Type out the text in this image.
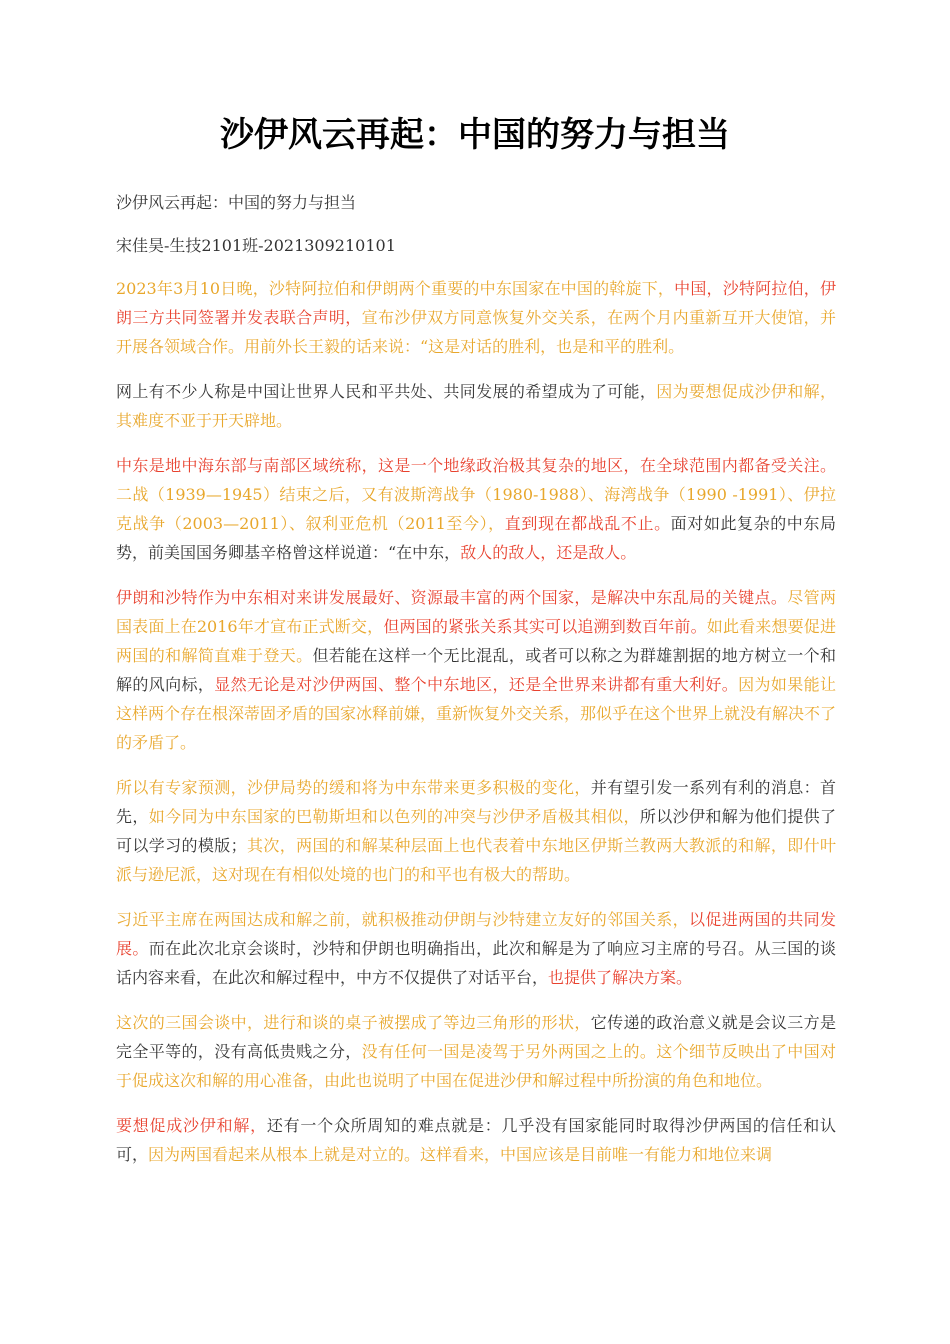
沙伊风云再起：中国的努力与担当

沙伊风云再起：中国的努力与担当

宋佳昊-生技2101班-2021309210101

2023年3月10日晚，沙特阿拉伯和伊朗两个重要的中东国家在中国的斡旋下，中国，沙特阿拉伯，伊朗三方共同签署并发表联合声明，宣布沙伊双方同意恢复外交关系，在两个月内重新互开大使馆，并开展各领域合作。用前外长王毅的话来说：“这是对话的胜利，也是和平的胜利。

网上有不少人称是中国让世界人民和平共处、共同发展的希望成为了可能，因为要想促成沙伊和解，其难度不亚于开天辟地。

中东是地中海东部与南部区域统称，这是一个地缘政治极其复杂的地区，在全球范围内都备受关注。二战（1939—1945）结束之后，又有波斯湾战争（1980-1988）、海湾战争（1990 -1991）、伊拉克战争（2003—2011）、叙利亚危机（2011至今），直到现在都战乱不止。面对如此复杂的中东局势，前美国国务卿基辛格曾这样说道：“在中东，敌人的敌人，还是敌人。

伊朗和沙特作为中东相对来讲发展最好、资源最丰富的两个国家，是解决中东乱局的关键点。尽管两国表面上在2016年才宣布正式断交，但两国的紧张关系其实可以追溯到数百年前。如此看来想要促进两国的和解简直难于登天。但若能在这样一个无比混乱，或者可以称之为群雄割据的地方树立一个和解的风向标，显然无论是对沙伊两国、整个中东地区，还是全世界来讲都有重大利好。因为如果能让这样两个存在根深蒂固矛盾的国家冰释前嫌，重新恢复外交关系，那似乎在这个世界上就没有解决不了的矛盾了。

所以有专家预测，沙伊局势的缓和将为中东带来更多积极的变化，并有望引发一系列有利的消息：首先，如今同为中东国家的巴勒斯坦和以色列的冲突与沙伊矛盾极其相似，所以沙伊和解为他们提供了可以学习的模版；其次，两国的和解某种层面上也代表着中东地区伊斯兰教两大教派的和解，即什叶派与逊尼派，这对现在有相似处境的也门的和平也有极大的帮助。

习近平主席在两国达成和解之前，就积极推动伊朗与沙特建立友好的邻国关系，以促进两国的共同发展。而在此次北京会谈时，沙特和伊朗也明确指出，此次和解是为了响应习主席的号召。从三国的谈话内容来看，在此次和解过程中，中方不仅提供了对话平台，也提供了解决方案。

这次的三国会谈中，进行和谈的桌子被摆成了等边三角形的形状，它传递的政治意义就是会议三方是完全平等的，没有高低贵贱之分，没有任何一国是凌驾于另外两国之上的。这个细节反映出了中国对于促成这次和解的用心准备，由此也说明了中国在促进沙伊和解过程中所扮演的角色和地位。

要想促成沙伊和解，还有一个众所周知的难点就是：几乎没有国家能同时取得沙伊两国的信任和认可，因为两国看起来从根本上就是对立的。这样看来，中国应该是目前唯一有能力和地位来调
